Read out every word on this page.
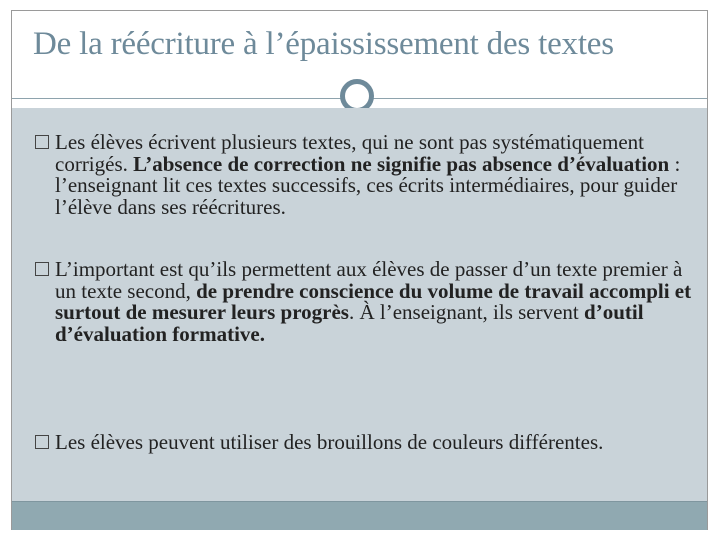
De la réécriture à l’épaississement des textes
Les élèves écrivent plusieurs textes, qui ne sont pas systématiquement corrigés. L’absence de correction ne signifie pas absence d’évaluation : l’enseignant lit ces textes successifs, ces écrits intermédiaires, pour guider l’élève dans ses réécritures.
L’important est qu’ils permettent aux élèves de passer d’un texte premier à un texte second, de prendre conscience du volume de travail accompli et surtout de mesurer leurs progrès. À l’enseignant, ils servent d’outil d’évaluation formative.
Les élèves peuvent utiliser des brouillons de couleurs différentes.
